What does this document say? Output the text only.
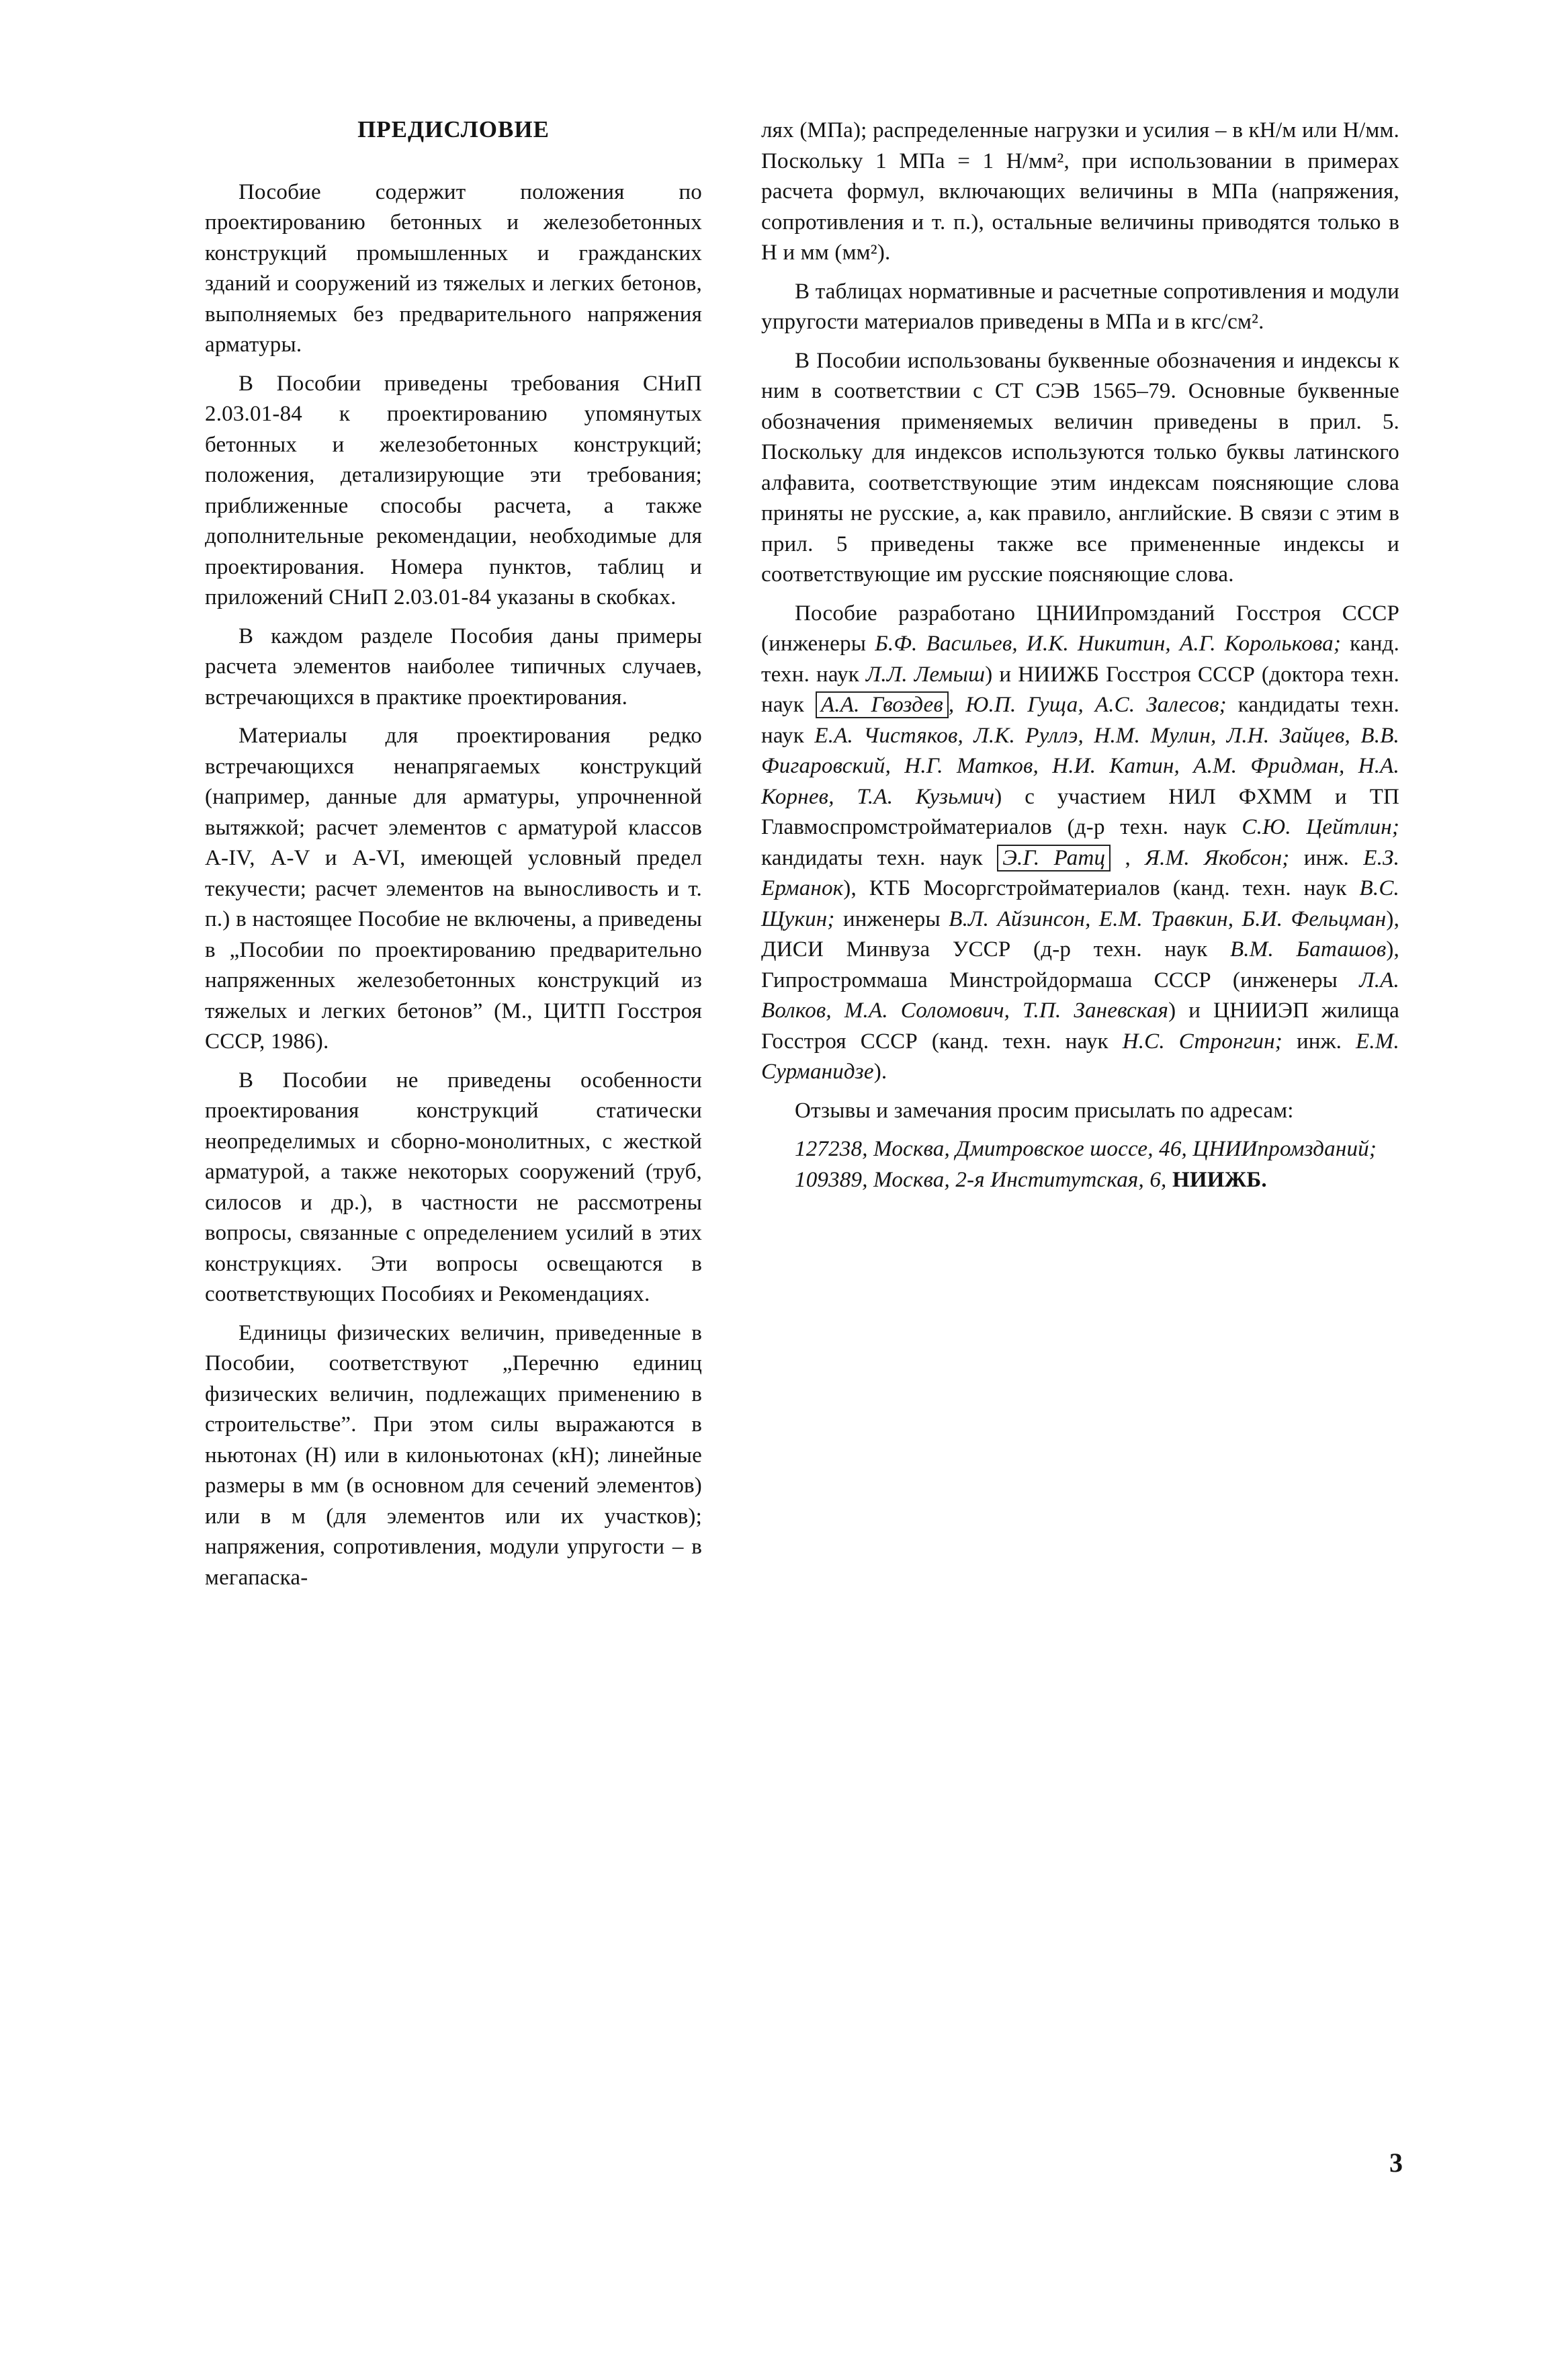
ПРЕДИСЛОВИЕ

Пособие содержит положения по проектированию бетонных и железобетонных конструкций промышленных и гражданских зданий и сооружений из тяжелых и легких бетонов, выполняемых без предварительного напряжения арматуры.

В Пособии приведены требования СНиП 2.03.01-84 к проектированию упомянутых бетонных и железобетонных конструкций; положения, детализирующие эти требования; приближенные способы расчета, а также дополнительные рекомендации, необходимые для проектирования. Номера пунктов, таблиц и приложений СНиП 2.03.01-84 указаны в скобках.

В каждом разделе Пособия даны примеры расчета элементов наиболее типичных случаев, встречающихся в практике проектирования.

Материалы для проектирования редко встречающихся ненапрягаемых конструкций (например, данные для арматуры, упрочненной вытяжкой; расчет элементов с арматурой классов А-IV, А-V и А-VI, имеющей условный предел текучести; расчет элементов на выносливость и т. п.) в настоящее Пособие не включены, а приведены в „Пособии по проектированию предварительно напряженных железобетонных конструкций из тяжелых и легких бетонов” (М., ЦИТП Госстроя СССР, 1986).

В Пособии не приведены особенности проектирования конструкций статически неопределимых и сборно-монолитных, с жесткой арматурой, а также некоторых сооружений (труб, силосов и др.), в частности не рассмотрены вопросы, связанные с определением усилий в этих конструкциях. Эти вопросы освещаются в соответствующих Пособиях и Рекомендациях.

Единицы физических величин, приведенные в Пособии, соответствуют „Перечню единиц физических величин, подлежащих применению в строительстве”. При этом силы выражаются в ньютонах (Н) или в килоньютонах (кН); линейные размеры в мм (в основном для сечений элементов) или в м (для элементов или их участков); напряжения, сопротивления, модули упругости – в мегапаска-

лях (МПа); распределенные нагрузки и усилия – в кН/м или Н/мм. Поскольку 1 МПа = 1 Н/мм², при использовании в примерах расчета формул, включающих величины в МПа (напряжения, сопротивления и т. п.), остальные величины приводятся только в Н и мм (мм²).

В таблицах нормативные и расчетные сопротивления и модули упругости материалов приведены в МПа и в кгс/см².

В Пособии использованы буквенные обозначения и индексы к ним в соответствии с СТ СЭВ 1565–79. Основные буквенные обозначения применяемых величин приведены в прил. 5. Поскольку для индексов используются только буквы латинского алфавита, соответствующие этим индексам поясняющие слова приняты не русские, а, как правило, английские. В связи с этим в прил. 5 приведены также все примененные индексы и соответствующие им русские поясняющие слова.

Пособие разработано ЦНИИпромзданий Госстроя СССР (инженеры Б.Ф. Васильев, И.К. Никитин, А.Г. Королькова; канд. техн. наук Л.Л. Лемыш) и НИИЖБ Госстроя СССР (доктора техн. наук А.А. Гвоздев , Ю.П. Гуща, А.С. Залесов; кандидаты техн. наук Е.А. Чистяков, Л.К. Руллэ, Н.М. Мулин, Л.Н. Зайцев, В.В. Фигаровский, Н.Г. Матков, Н.И. Катин, А.М. Фридман, Н.А. Корнев, Т.А. Кузьмич) с участием НИЛ ФХММ и ТП Главмоспромстройматериалов (д-р техн. наук С.Ю. Цейтлин; кандидаты техн. наук Э.Г. Ратц , Я.М. Якобсон; инж. Е.З. Ерманок), КТБ Мосоргстройматериалов (канд. техн. наук В.С. Щукин; инженеры В.Л. Айзинсон, Е.М. Травкин, Б.И. Фельцман), ДИСИ Минвуза УССР (д-р техн. наук В.М. Баташов), Гипростроммаша Минстройдормаша СССР (инженеры Л.А. Волков, М.А. Соломович, Т.П. Заневская) и ЦНИИЭП жилища Госстроя СССР (канд. техн. наук Н.С. Стронгин; инж. Е.М. Сурманидзе).

Отзывы и замечания просим присылать по адресам:

127238, Москва, Дмитровское шоссе, 46, ЦНИИпромзданий;

109389, Москва, 2-я Институтская, 6, НИИЖБ.

3
